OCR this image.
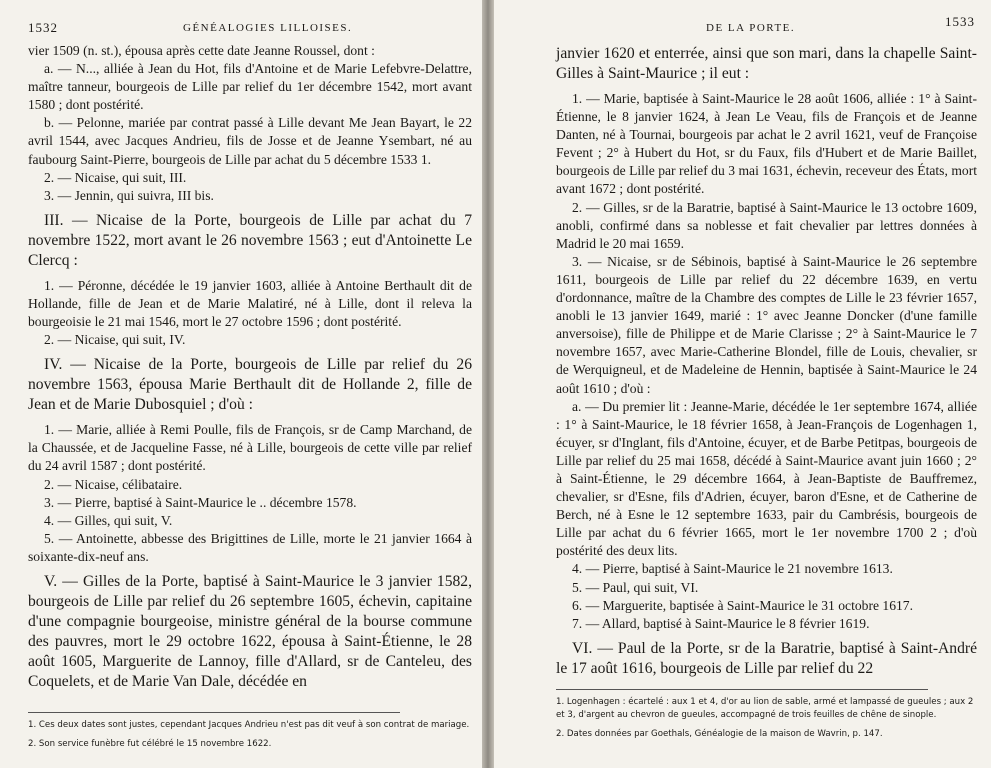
1532	GÉNÉALOGIES LILLOISES.

vier 1509 (n. st.), épousa après cette date Jeanne Roussel, dont :

a. — N..., alliée à Jean du Hot, fils d'Antoine et de Marie Lefebvre-Delattre, maître tanneur, bourgeois de Lille par relief du 1er décembre 1542, mort avant 1580 ; dont postérité.

b. — Pelonne, mariée par contrat passé à Lille devant Me Jean Bayart, le 22 avril 1544, avec Jacques Andrieu, fils de Josse et de Jeanne Ysembart, né au faubourg Saint-Pierre, bourgeois de Lille par achat du 5 décembre 1533 1.

2. — Nicaise, qui suit, III.

3. — Jennin, qui suivra, III bis.

III. — Nicaise de la Porte, bourgeois de Lille par achat du 7 novembre 1522, mort avant le 26 novembre 1563 ; eut d'Antoinette Le Clercq :

1. — Péronne, décédée le 19 janvier 1603, alliée à Antoine Berthault dit de Hollande, fille de Jean et de Marie Malatiré, né à Lille, dont il releva la bourgeoisie le 21 mai 1546, mort le 27 octobre 1596 ; dont postérité.

2. — Nicaise, qui suit, IV.

IV. — Nicaise de la Porte, bourgeois de Lille par relief du 26 novembre 1563, épousa Marie Berthault dit de Hollande 2, fille de Jean et de Marie Dubosquiel ; d'où :

1. — Marie, alliée à Remi Poulle, fils de François, sr de Camp Marchand, de la Chaussée, et de Jacqueline Fasse, né à Lille, bourgeois de cette ville par relief du 24 avril 1587 ; dont postérité.

2. — Nicaise, célibataire.

3. — Pierre, baptisé à Saint-Maurice le .. décembre 1578.

4. — Gilles, qui suit, V.

5. — Antoinette, abbesse des Brigittines de Lille, morte le 21 janvier 1664 à soixante-dix-neuf ans.

V. — Gilles de la Porte, baptisé à Saint-Maurice le 3 janvier 1582, bourgeois de Lille par relief du 26 septembre 1605, échevin, capitaine d'une compagnie bourgeoise, ministre général de la bourse commune des pauvres, mort le 29 octobre 1622, épousa à Saint-Étienne, le 28 août 1605, Marguerite de Lannoy, fille d'Allard, sr de Canteleu, des Coquelets, et de Marie Van Dale, décédée en

1. Ces deux dates sont justes, cependant Jacques Andrieu n'est pas dit veuf à son contrat de mariage.

2. Son service funèbre fut célébré le 15 novembre 1622.

DE LA PORTE.	1533

janvier 1620 et enterrée, ainsi que son mari, dans la chapelle Saint-Gilles à Saint-Maurice ; il eut :

1. — Marie, baptisée à Saint-Maurice le 28 août 1606, alliée : 1° à Saint-Étienne, le 8 janvier 1624, à Jean Le Veau, fils de François et de Jeanne Danten, né à Tournai, bourgeois par achat le 2 avril 1621, veuf de Françoise Fevent ; 2° à Hubert du Hot, sr du Faux, fils d'Hubert et de Marie Baillet, bourgeois de Lille par relief du 3 mai 1631, échevin, receveur des États, mort avant 1672 ; dont postérité.

2. — Gilles, sr de la Baratrie, baptisé à Saint-Maurice le 13 octobre 1609, anobli, confirmé dans sa noblesse et fait chevalier par lettres données à Madrid le 20 mai 1659.

3. — Nicaise, sr de Sébinois, baptisé à Saint-Maurice le 26 septembre 1611, bourgeois de Lille par relief du 22 décembre 1639, en vertu d'ordonnance, maître de la Chambre des comptes de Lille le 23 février 1657, anobli le 13 janvier 1649, marié : 1° avec Jeanne Doncker (d'une famille anversoise), fille de Philippe et de Marie Clarisse ; 2° à Saint-Maurice le 7 novembre 1657, avec Marie-Catherine Blondel, fille de Louis, chevalier, sr de Werquigneul, et de Madeleine de Hennin, baptisée à Saint-Maurice le 24 août 1610 ; d'où :

a. — Du premier lit : Jeanne-Marie, décédée le 1er septembre 1674, alliée : 1° à Saint-Maurice, le 18 février 1658, à Jean-François de Logenhagen 1, écuyer, sr d'Inglant, fils d'Antoine, écuyer, et de Barbe Petitpas, bourgeois de Lille par relief du 25 mai 1658, décédé à Saint-Maurice avant juin 1660 ; 2° à Saint-Étienne, le 29 décembre 1664, à Jean-Baptiste de Bauffremez, chevalier, sr d'Esne, fils d'Adrien, écuyer, baron d'Esne, et de Catherine de Berch, né à Esne le 12 septembre 1633, pair du Cambrésis, bourgeois de Lille par achat du 6 février 1665, mort le 1er novembre 1700 2 ; d'où postérité des deux lits.

4. — Pierre, baptisé à Saint-Maurice le 21 novembre 1613.

5. — Paul, qui suit, VI.

6. — Marguerite, baptisée à Saint-Maurice le 31 octobre 1617.

7. — Allard, baptisé à Saint-Maurice le 8 février 1619.

VI. — Paul de la Porte, sr de la Baratrie, baptisé à Saint-André le 17 août 1616, bourgeois de Lille par relief du 22

1. Logenhagen : écartelé : aux 1 et 4, d'or au lion de sable, armé et lampassé de gueules ; aux 2 et 3, d'argent au chevron de gueules, accompagné de trois feuilles de chêne de sinople.

2. Dates données par Goethals, Généalogie de la maison de Wavrin, p. 147.
